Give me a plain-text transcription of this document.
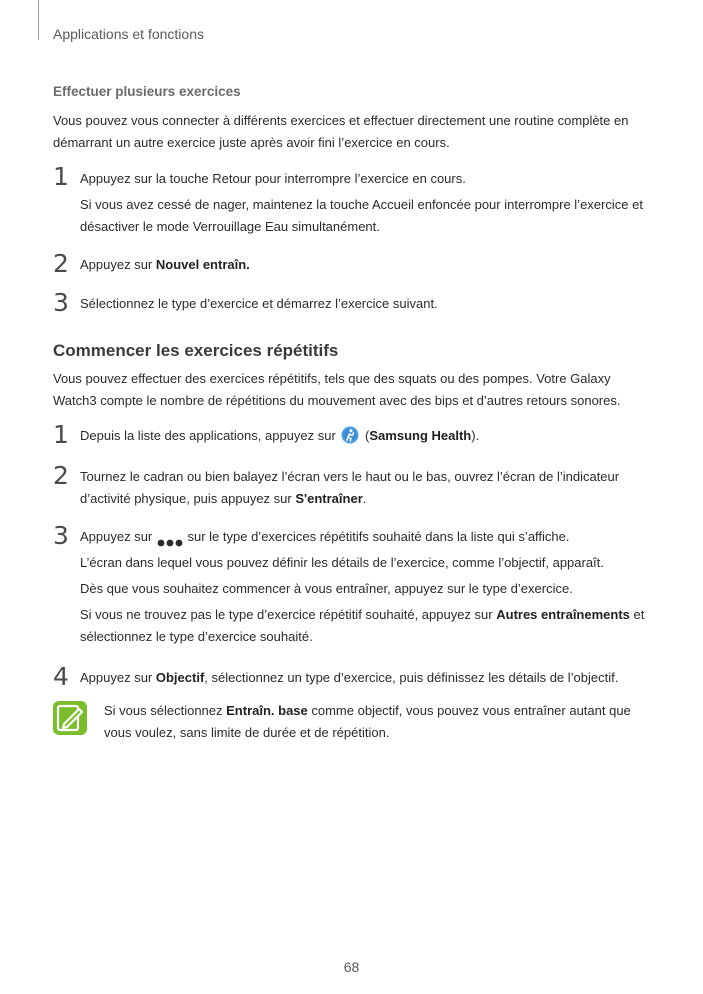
Applications et fonctions
Effectuer plusieurs exercices
Vous pouvez vous connecter à différents exercices et effectuer directement une routine complète en démarrant un autre exercice juste après avoir fini l’exercice en cours.
1 Appuyez sur la touche Retour pour interrompre l’exercice en cours.
Si vous avez cessé de nager, maintenez la touche Accueil enfoncée pour interrompre l’exercice et désactiver le mode Verrouillage Eau simultanément.
2 Appuyez sur Nouvel entraîn.
3 Sélectionnez le type d’exercice et démarrez l’exercice suivant.
Commencer les exercices répétitifs
Vous pouvez effectuer des exercices répétitifs, tels que des squats ou des pompes. Votre Galaxy Watch3 compte le nombre de répétitions du mouvement avec des bips et d’autres retours sonores.
1 Depuis la liste des applications, appuyez sur  (Samsung Health).
2 Tournez le cadran ou bien balayez l’écran vers le haut ou le bas, ouvrez l’écran de l’indicateur d’activité physique, puis appuyez sur S'entraîner.
3 Appuyez sur  sur le type d’exercices répétitifs souhaité dans la liste qui s’affiche.
L’écran dans lequel vous pouvez définir les détails de l’exercice, comme l’objectif, apparaît.
Dès que vous souhaitez commencer à vous entraîner, appuyez sur le type d’exercice.
Si vous ne trouvez pas le type d’exercice répétitif souhaité, appuyez sur Autres entraînements et sélectionnez le type d’exercice souhaité.
4 Appuyez sur Objectif, sélectionnez un type d’exercice, puis définissez les détails de l’objectif.
Si vous sélectionnez Entraîn. base comme objectif, vous pouvez vous entraîner autant que vous voulez, sans limite de durée et de répétition.
68
